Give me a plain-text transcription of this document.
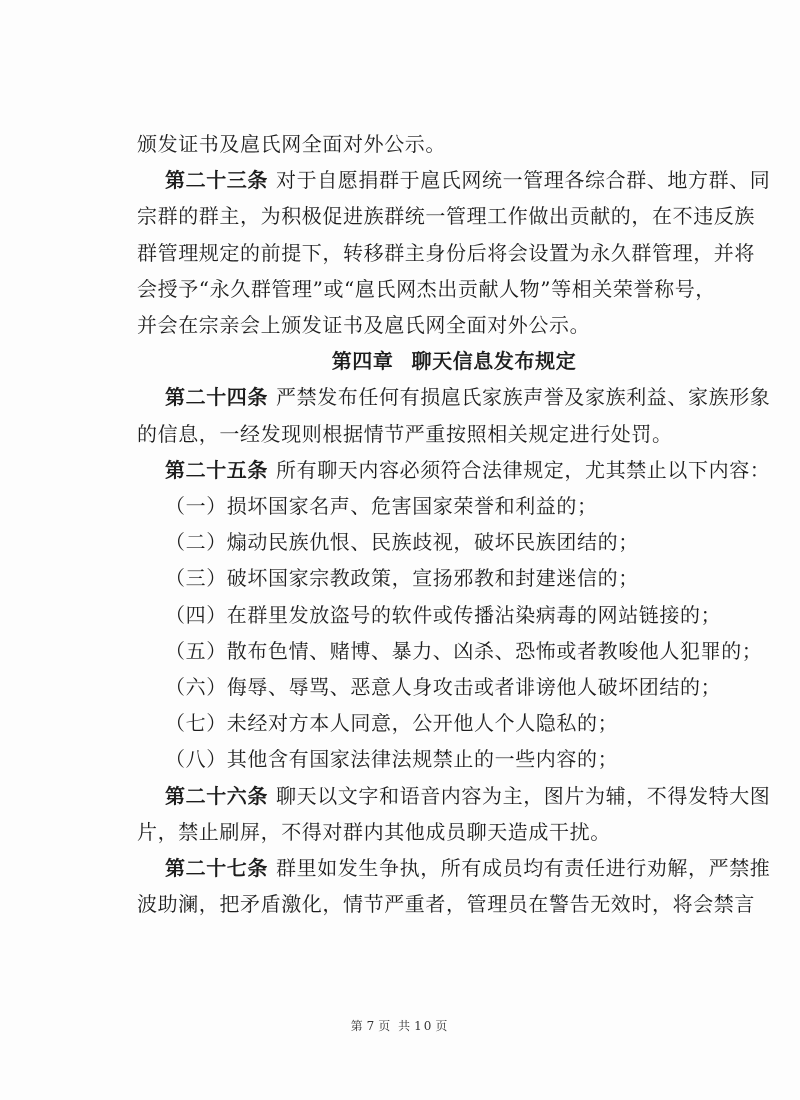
颁发证书及扈氏网全面对外公示。
第二十三条 对于自愿捐群于扈氏网统一管理各综合群、地方群、同
宗群的群主，为积极促进族群统一管理工作做出贡献的，在不违反族
群管理规定的前提下，转移群主身份后将会设置为永久群管理，并将
会授予“永久群管理”或“扈氏网杰出贡献人物”等相关荣誉称号，
并会在宗亲会上颁发证书及扈氏网全面对外公示。
第四章 聊天信息发布规定
第二十四条 严禁发布任何有损扈氏家族声誉及家族利益、家族形象
的信息，一经发现则根据情节严重按照相关规定进行处罚。
第二十五条 所有聊天内容必须符合法律规定，尤其禁止以下内容：
（一）损坏国家名声、危害国家荣誉和利益的；
（二）煽动民族仇恨、民族歧视，破坏民族团结的；
（三）破坏国家宗教政策，宣扬邪教和封建迷信的；
（四）在群里发放盗号的软件或传播沾染病毒的网站链接的；
（五）散布色情、赌博、暴力、凶杀、恐怖或者教唆他人犯罪的；
（六）侮辱、辱骂、恶意人身攻击或者诽谤他人破坏团结的；
（七）未经对方本人同意，公开他人个人隐私的；
（八）其他含有国家法律法规禁止的一些内容的；
第二十六条 聊天以文字和语音内容为主，图片为辅，不得发特大图
片，禁止刷屏，不得对群内其他成员聊天造成干扰。
第二十七条 群里如发生争执，所有成员均有责任进行劝解，严禁推
波助澜，把矛盾激化，情节严重者，管理员在警告无效时，将会禁言
第 7 页 共 10 页
